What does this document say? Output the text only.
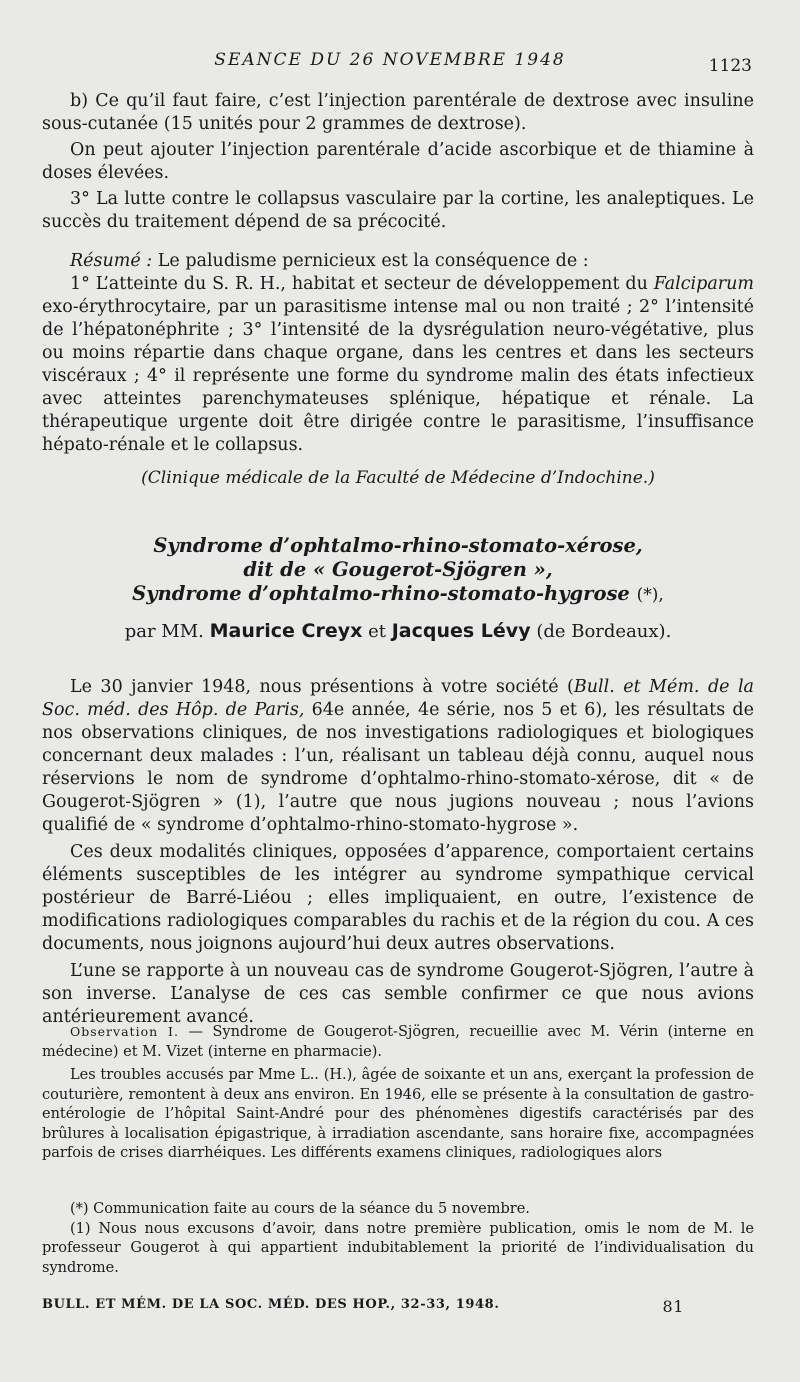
SEANCE DU 26 NOVEMBRE 1948	1123

b) Ce qu’il faut faire, c’est l’injection parentérale de dextrose avec insuline sous-cutanée (15 unités pour 2 grammes de dextrose).

On peut ajouter l’injection parentérale d’acide ascorbique et de thiamine à doses élevées.

3° La lutte contre le collapsus vasculaire par la cortine, les analeptiques. Le succès du traitement dépend de sa précocité.

Résumé : Le paludisme pernicieux est la conséquence de :

1° L’atteinte du S. R. H., habitat et secteur de développement du Falciparum exo-érythrocytaire, par un parasitisme intense mal ou non traité ; 2° l’intensité de l’hépatonéphrite ; 3° l’intensité de la dysrégulation neuro-végétative, plus ou moins répartie dans chaque organe, dans les centres et dans les secteurs viscéraux ; 4° il représente une forme du syndrome malin des états infectieux avec atteintes parenchymateuses splénique, hépatique et rénale. La thérapeutique urgente doit être dirigée contre le parasitisme, l’insuffisance hépato-rénale et le collapsus.

(Clinique médicale de la Faculté de Médecine d’Indochine.)
Syndrome d’ophtalmo-rhino-stomato-xérose,
dit de « Gougerot-Sjögren »,
Syndrome d’ophtalmo-rhino-stomato-hygrose (*),
par MM. Maurice Creyx et Jacques Lévy (de Bordeaux).

Le 30 janvier 1948, nous présentions à votre société (Bull. et Mém. de la Soc. méd. des Hôp. de Paris, 64e année, 4e série, nos 5 et 6), les résultats de nos observations cliniques, de nos investigations radiologiques et biologiques concernant deux malades : l’un, réalisant un tableau déjà connu, auquel nous réservions le nom de syndrome d’ophtalmo-rhino-stomato-xérose, dit « de Gougerot-Sjögren » (1), l’autre que nous jugions nouveau ; nous l’avions qualifié de « syndrome d’ophtalmo-rhino-stomato-hygrose ».

Ces deux modalités cliniques, opposées d’apparence, comportaient certains éléments susceptibles de les intégrer au syndrome sympathique cervical postérieur de Barré-Liéou ; elles impliquaient, en outre, l’existence de modifications radiologiques comparables du rachis et de la région du cou. A ces documents, nous joignons aujourd’hui deux autres observations.

L’une se rapporte à un nouveau cas de syndrome Gougerot-Sjögren, l’autre à son inverse. L’analyse de ces cas semble confirmer ce que nous avions antérieurement avancé.

Observation I. — Syndrome de Gougerot-Sjögren, recueillie avec M. Vérin (interne en médecine) et M. Vizet (interne en pharmacie).

Les troubles accusés par Mme L.. (H.), âgée de soixante et un ans, exerçant la profession de couturière, remontent à deux ans environ. En 1946, elle se présente à la consultation de gastro-entérologie de l’hôpital Saint-André pour des phénomènes digestifs caractérisés par des brûlures à localisation épigastrique, à irradiation ascendante, sans horaire fixe, accompagnées parfois de crises diarrhéiques. Les différents examens cliniques, radiologiques alors

(*) Communication faite au cours de la séance du 5 novembre.

(1) Nous nous excusons d’avoir, dans notre première publication, omis le nom de M. le professeur Gougerot à qui appartient indubitablement la priorité de l’individualisation du syndrome.

BULL. ET MÉM. DE LA SOC. MÉD. DES HOP., 32-33, 1948.	81
